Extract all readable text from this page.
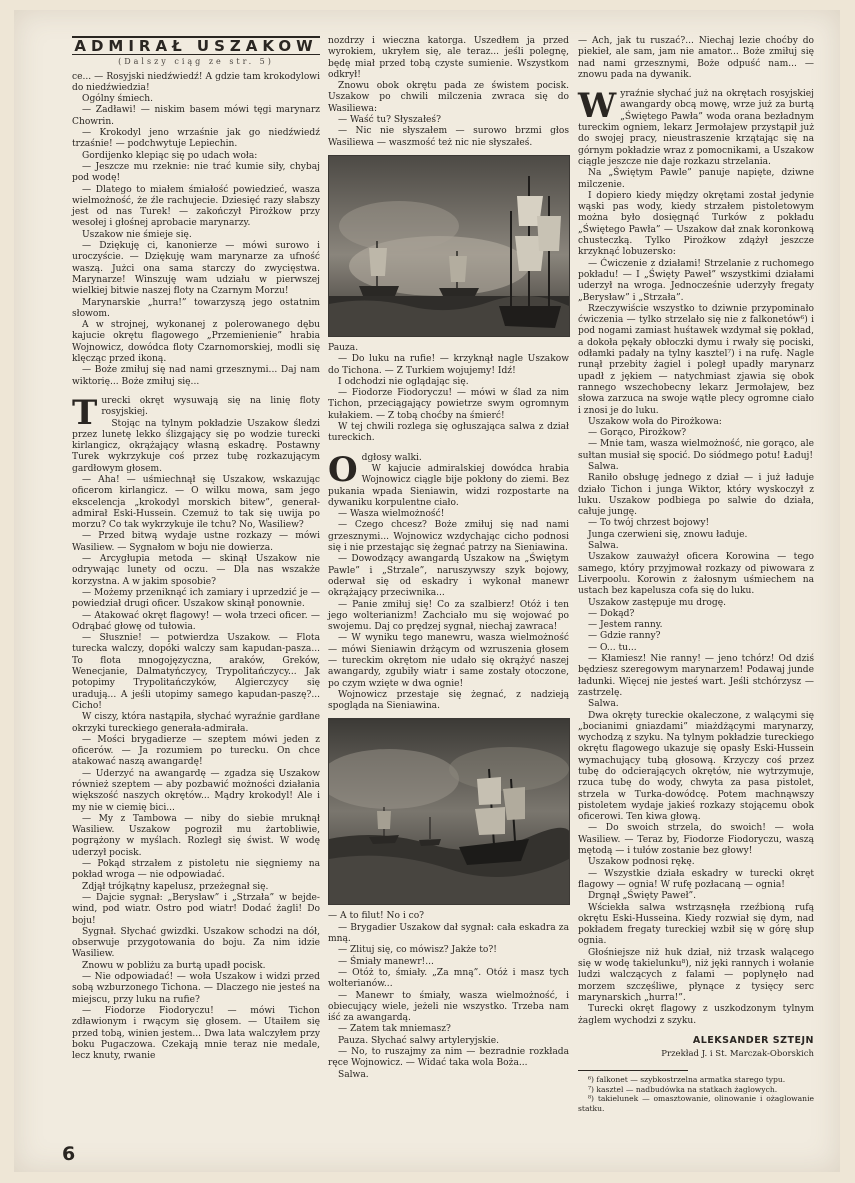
ADMIRAŁ USZAKOW
(Dalszy ciąg ze str. 5)

ce... — Rosyjski niedźwiedź! A gdzie tam krokodylowi do niedźwiedzia!

Ogólny śmiech.

— Zadławi! — niskim basem mówi tęgi marynarz Chowrin.

— Krokodyl jeno wrzaśnie jak go niedźwiedź trzaśnie! — podchwytuje Lepiechin.

Gordijenko klepiąc się po udach woła:

— Jeszcze mu rzeknie: nie trać kumie siły, chybaj pod wodę!

— Dlatego to miałem śmiałość powiedzieć, wasza wielmożność, że źle rachujecie. Dziesięć razy słabszy jest od nas Turek! — zakończył Pirożkow przy wesołej i głośnej aprobacie marynarzy.

Uszakow nie śmieje się.

— Dziękuję ci, kanonierze — mówi surowo i uroczyście. — Dziękuję wam marynarze za ufność waszą. Jużci ona sama starczy do zwycięstwa. Marynarze! Winszuję wam udziału w pierwszej wielkiej bitwie naszej floty na Czarnym Morzu!

Marynarskie „hurra!” towarzyszą jego ostatnim słowom.

A w strojnej, wykonanej z polerowanego dębu kajucie okrętu flagowego „Przemienienie” hrabia Wojnowicz, dowódca floty Czarnomorskiej, modli się klęcząc przed ikoną.

— Boże zmiłuj się nad nami grzesznymi... Daj nam wiktorię... Boże zmiłuj się...

Turecki okręt wysuwają się na linię floty rosyjskiej.

Stojąc na tylnym pokładzie Uszakow śledzi przez lunetę lekko ślizgający się po wodzie turecki kirlangicz, okrążający własną eskadrę. Postawny Turek wykrzykuje coś przez tubę rozkazującym gardłowym głosem.

— Aha! — uśmiechnął się Uszakow, wskazując oficerom kirlangicz. — O wilku mowa, sam jego ekscelencja „krokodyl morskich bitew”, generał-admirał Eski-Hussein. Czemuż to tak się uwija po morzu? Co tak wykrzykuje ile tchu? No, Wasiliew?

— Przed bitwą wydaje ustne rozkazy — mówi Wasiliew. — Sygnałom w boju nie dowierza.

— Arcygłupia metoda — skinął Uszakow nie odrywając lunety od oczu. — Dla nas wszakże korzystna. A w jakim sposobie?

— Możemy przeniknąć ich zamiary i uprzedzić je — powiedział drugi oficer. Uszakow skinął ponownie.

— Atakować okręt flagowy! — woła trzeci oficer. — Odrąbać głowę od tułowia.

— Słusznie! — potwierdza Uszakow. — Flota turecka walczy, dopóki walczy sam kapudan-pasza... To flota mnogojęzyczna, araków, Greków, Wenecjanie, Dalmatyńczycy, Trypolitańczycy... Jak potopimy Trypolitańczyków, Algierczycy się uradują... A jeśli utopimy samego kapudan-paszę?... Cicho!

W ciszy, która nastąpiła, słychać wyraźnie gardłane okrzyki tureckiego generała-admirała.

— Mości brygadierze — szeptem mówi jeden z oficerów. — Ja rozumiem po turecku. On chce atakować naszą awangardę!

— Uderzyć na awangardę — zgadza się Uszakow również szeptem — aby pozbawić możności działania większość naszych okrętów... Mądry krokodyl! Ale i my nie w ciemię bici...

— My z Tambowa — niby do siebie mruknął Wasiliew. Uszakow pogroził mu żartobliwie, pogrążony w myślach. Rozległ się świst. W wodę uderzył pocisk.

— Pokąd strzałem z pistoletu nie sięgniemy na pokład wroga — nie odpowiadać.

Zdjął trójkątny kapelusz, przeżegnał się.

— Dajcie sygnał: „Berysław” i „Strzała” w bejde-wind, pod wiatr. Ostro pod wiatr! Dodać żagli! Do boju!

Sygnał. Słychać gwizdki. Uszakow schodzi na dół, obserwuje przygotowania do boju. Za nim idzie Wasiliew.

Znowu w pobliżu za burtą upadł pocisk.

— Nie odpowiadać! — woła Uszakow i widzi przed sobą wzburzonego Tichona. — Dlaczego nie jesteś na miejscu, przy luku na rufie?

— Fiodorze Fiodoryczu! — mówi Tichon zdławionym i rwącym się głosem. — Utaiłem się przed tobą, winien jestem... Dwa lata walczyłem przy boku Pugaczowa. Czekają mnie teraz nie medale, lecz knuty, rwanie

nozdrzy i wieczna katorga. Uszedłem ja przed wyrokiem, ukryłem się, ale teraz... jeśli polegnę, będę miał przed tobą czyste sumienie. Wszystkom odkrył!

Znowu obok okrętu pada ze świstem pocisk. Uszakow po chwili milczenia zwraca się do Wasiliewa:

— Waść tu? Słyszałeś?

— Nic nie słyszałem — surowo brzmi głos Wasiliewa — waszmość też nic nie słyszałeś.

Pauza.

— Do luku na rufie! — krzyknął nagle Uszakow do Tichona. — Z Turkiem wojujemy! Idź!

I odchodzi nie oglądając się.

— Fiodorze Fiodoryczu! — mówi w ślad za nim Tichon, przeciągający powietrze swym ogromnym kułakiem. — Z tobą choćby na śmierć!

W tej chwili rozlega się ogłuszająca salwa z dział tureckich.

Odgłosy walki.

W kajucie admiralskiej dowódca hrabia Wojnowicz ciągle bije pokłony do ziemi. Bez pukania wpada Sieniawin, widzi rozpostarte na dywaniku korpulentne ciało.

— Wasza wielmożność!

— Czego chcesz? Boże zmiłuj się nad nami grzesznymi... Wojnowicz wzdychając cicho podnosi się i nie przestając się żegnać patrzy na Sieniawina.

— Dowodzący awangardą Uszakow na „Świętym Pawle” i „Strzale”, naruszywszy szyk bojowy, oderwał się od eskadry i wykonał manewr okrążający przeciwnika...

— Panie zmiłuj się! Co za szalbierz! Otóż i ten jego wolterianizm! Zachciało mu się wojować po swojemu. Daj co prędzej sygnał, niechaj zawraca!

— W wyniku tego manewru, wasza wielmożność — mówi Sieniawin drżącym od wzruszenia głosem — tureckim okrętom nie udało się okrążyć naszej awangardy, zgubiły wiatr i same zostały otoczone, po czym wzięte w dwa ognie!

Wojnowicz przestaje się żegnać, z nadzieją spogląda na Sieniawina.

— A to filut! No i co?

— Brygadier Uszakow dał sygnał: cała eskadra za mną.

— Zlituj się, co mówisz? Jakże to?!

— Śmiały manewr!...

— Otóż to, śmiały. „Za mną”. Otóż i masz tych wolterianów...

— Manewr to śmiały, wasza wielmożność, i obiecujący wiele, jeżeli nie wszystko. Trzeba nam iść za awangardą.

— Zatem tak mniemasz?

Pauza. Słychać salwy artyleryjskie.

— No, to ruszajmy za nim — bezradnie rozkłada ręce Wojnowicz. — Widać taka wola Boża...

Salwa.

— Ach, jak tu ruszać?... Niechaj lezie choćby do piekieł, ale sam, jam nie amator... Boże zmiłuj się nad nami grzesznymi, Boże odpuść nam... — znowu pada na dywanik.

Wyraźnie słychać już na okrętach rosyjskiej awangardy obcą mowę, wrze już za burtą „Świętego Pawła” woda orana bezładnym tureckim ogniem, lekarz Jermołajew przystąpił już do swojej pracy, nieustraszenie krzątając się na górnym pokładzie wraz z pomocnikami, a Uszakow ciągle jeszcze nie daje rozkazu strzelania.

Na „Świętym Pawle” panuje napięte, dziwne milczenie.

I dopiero kiedy między okrętami został jedynie wąski pas wody, kiedy strzałem pistoletowym można było dosięgnąć Turków z pokładu „Świętego Pawła” — Uszakow dał znak koronkową chusteczką. Tylko Pirożkow zdążył jeszcze krzyknąć lobuzersko:

— Ćwiczenie z działami! Strzelanie z ruchomego pokładu! — I „Święty Paweł” wszystkimi działami uderzył na wroga. Jednocześnie uderzyły fregaty „Berysław” i „Strzała”.

Rzeczywiście wszystko to dziwnie przypominało ćwiczenia — tylko strzelało się nie z falkonetów⁶) i pod nogami zamiast huśtawek wzdymał się pokład, a dokoła pękały obłoczki dymu i rwały się pociski, odłamki padały na tylny kasztel⁷) i na rufę. Nagle runął przebity żagiel i poległ upadły marynarz upadł z jękiem — natychmiast zjawia się obok rannego wszechobecny lekarz Jermołajew, bez słowa zarzuca na swoje wątłe plecy ogromne ciało i znosi je do luku.

Uszakow woła do Pirożkowa:

— Gorąco, Pirożkow?

— Mnie tam, wasza wielmożność, nie gorąco, ale sułtan musiał się spocić. Do siódmego potu! Ładuj!

Salwa.

Raniło obsługę jednego z dział — i już ładuje działo Tichon i junga Wiktor, który wyskoczył z luku. Uszakow podbiega po salwie do działa, całuje jungę.

— To twój chrzest bojowy!

Junga czerwieni się, znowu ładuje.

Salwa.

Uszakow zauważył oficera Korowina — tego samego, który przyjmował rozkazy od piwowara z Liverpoolu. Korowin z żałosnym uśmiechem na ustach bez kapelusza cofa się do luku.

Uszakow zastępuje mu drogę.

— Dokąd?

— Jestem ranny.

— Gdzie ranny?

— O... tu...

— Kłamiesz! Nie ranny! — jeno tchórz! Od dziś będziesz szeregowym marynarzem! Podawaj junde ładunki. Więcej nie jesteś wart. Jeśli stchórzysz — zastrzelę.

Salwa.

Dwa okręty tureckie okaleczone, z walącymi się „bocianimi gniazdami” miażdżącymi marynarzy, wychodzą z szyku. Na tylnym pokładzie tureckiego okrętu flagowego ukazuje się opasły Eski-Hussein wymachujący tubą głosową. Krzyczy coś przez tubę do odcierających okrętów, nie wytrzymuje, rzuca tubę do wody, chwyta za pasa pistolet, strzela w Turka-dowódcę. Potem machnąwszy pistoletem wydaje jakieś rozkazy stojącemu obok oficerowi. Ten kiwa głową.

— Do swoich strzela, do swoich! — woła Wasiliew. — Teraz by, Fiodorze Fiodoryczu, waszą mętodą — i tułów zostanie bez głowy!

Uszakow podnosi rękę.

— Wszystkie działa eskadry w turecki okręt flagowy — ognia! W rufę pozłacaną — ognia!

Drgnął „Święty Paweł”.

Wściekła salwa wstrząsnęła rzeźbioną rufą okrętu Eski-Husseina. Kiedy rozwiał się dym, nad pokładem fregaty tureckiej wzbił się w górę słup ognia.

Głośniejsze niż huk dział, niż trzask walącego się w wodę takielunku⁸), niż jęki rannych i wołanie ludzi walczących z falami — poplynęło nad morzem szczęśliwe, płynące z tysięcy serc marynarskich „hurra!”.

Turecki okręt flagowy z uszkodzonym tylnym żaglem wychodzi z szyku.

ALEKSANDER SZTEJN
Przekład J. i St. Marczak-Oborskich

⁶) falkonet — szybkostrzelna armatka starego typu.

⁷) kasztel — nadbudówka na statkach żaglowych.

⁸) takielunek — omasztowanie, olinowanie i ożaglowanie statku.

6
